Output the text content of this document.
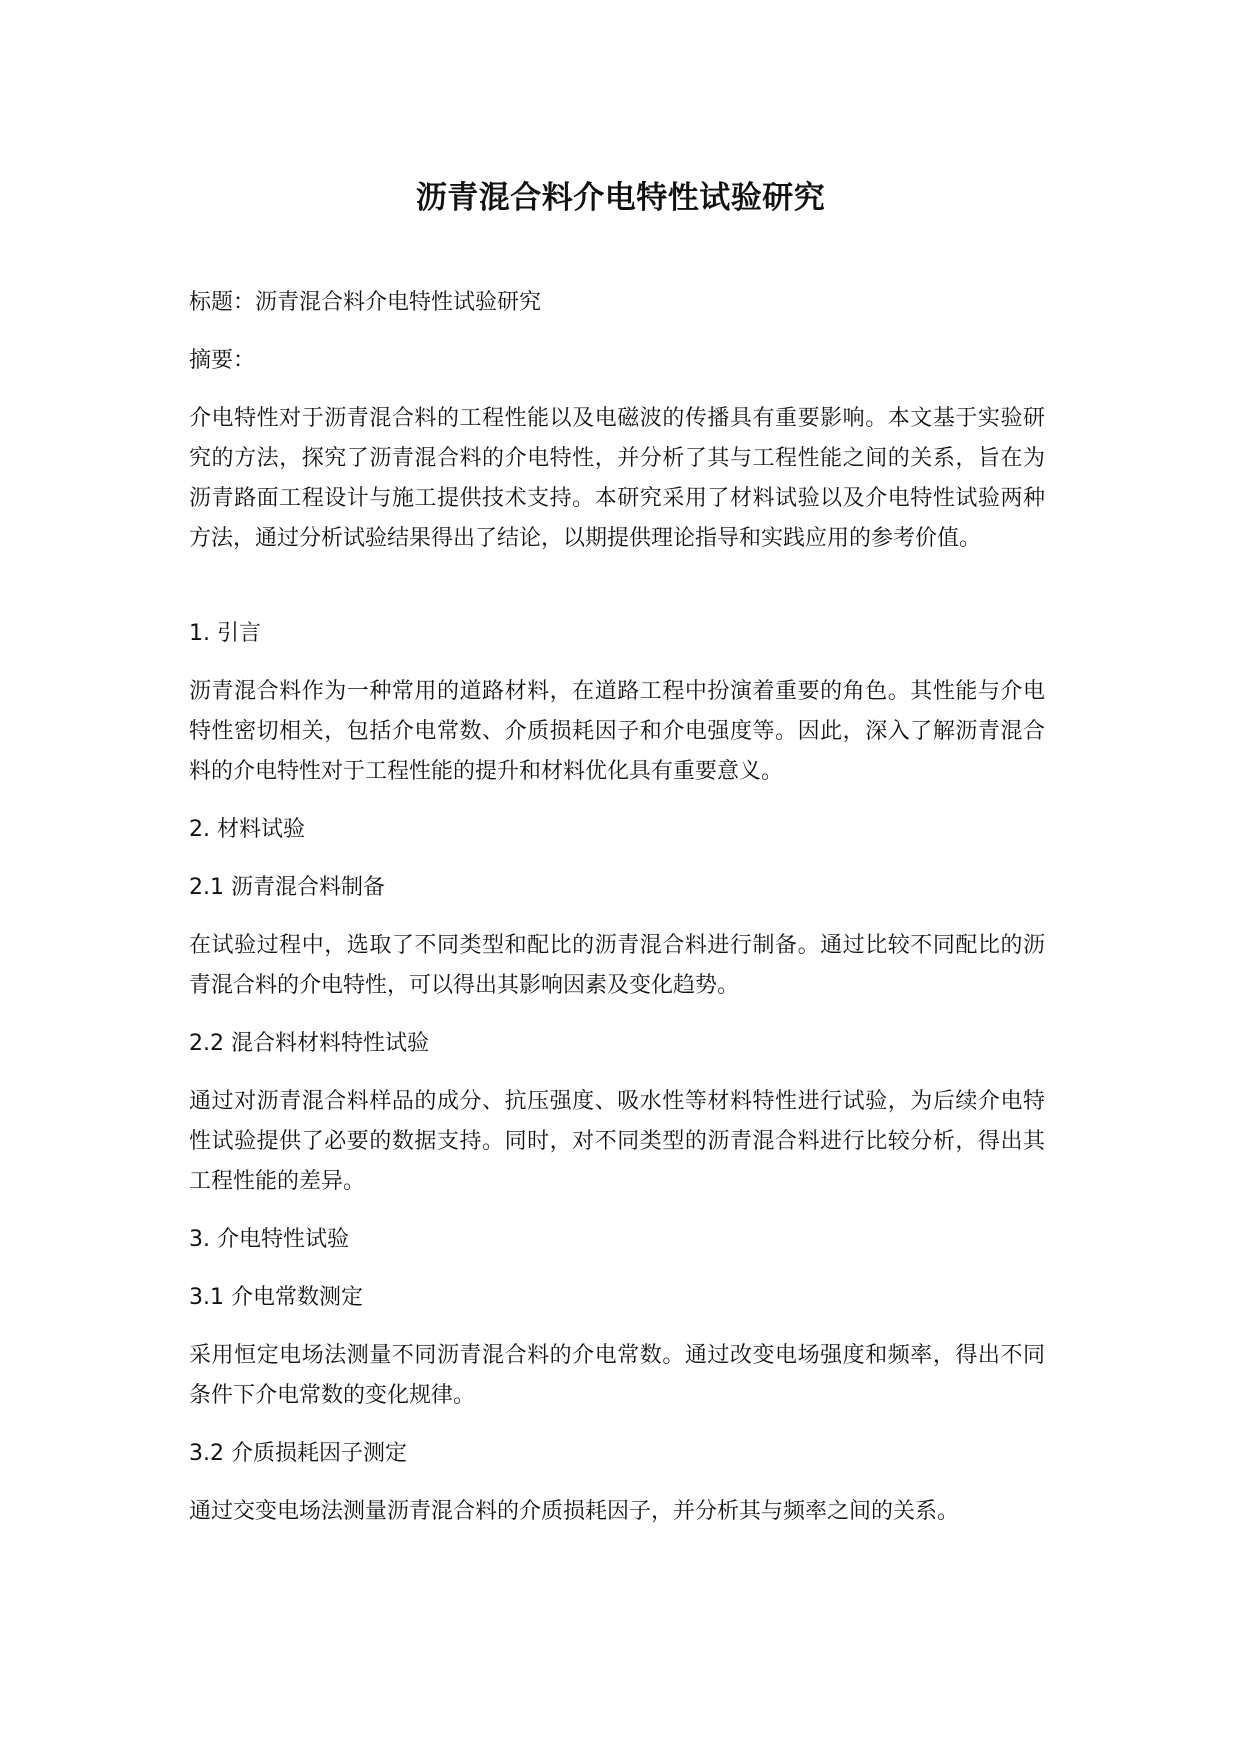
沥青混合料介电特性试验研究

标题：沥青混合料介电特性试验研究

摘要：

介电特性对于沥青混合料的工程性能以及电磁波的传播具有重要影响。本文基于实验研究的方法，探究了沥青混合料的介电特性，并分析了其与工程性能之间的关系，旨在为沥青路面工程设计与施工提供技术支持。本研究采用了材料试验以及介电特性试验两种方法，通过分析试验结果得出了结论，以期提供理论指导和实践应用的参考价值。

1. 引言

沥青混合料作为一种常用的道路材料，在道路工程中扮演着重要的角色。其性能与介电特性密切相关，包括介电常数、介质损耗因子和介电强度等。因此，深入了解沥青混合料的介电特性对于工程性能的提升和材料优化具有重要意义。

2. 材料试验

2.1 沥青混合料制备

在试验过程中，选取了不同类型和配比的沥青混合料进行制备。通过比较不同配比的沥青混合料的介电特性，可以得出其影响因素及变化趋势。

2.2 混合料材料特性试验

通过对沥青混合料样品的成分、抗压强度、吸水性等材料特性进行试验，为后续介电特性试验提供了必要的数据支持。同时，对不同类型的沥青混合料进行比较分析，得出其工程性能的差异。

3. 介电特性试验

3.1 介电常数测定

采用恒定电场法测量不同沥青混合料的介电常数。通过改变电场强度和频率，得出不同条件下介电常数的变化规律。

3.2 介质损耗因子测定

通过交变电场法测量沥青混合料的介质损耗因子，并分析其与频率之间的关系。
